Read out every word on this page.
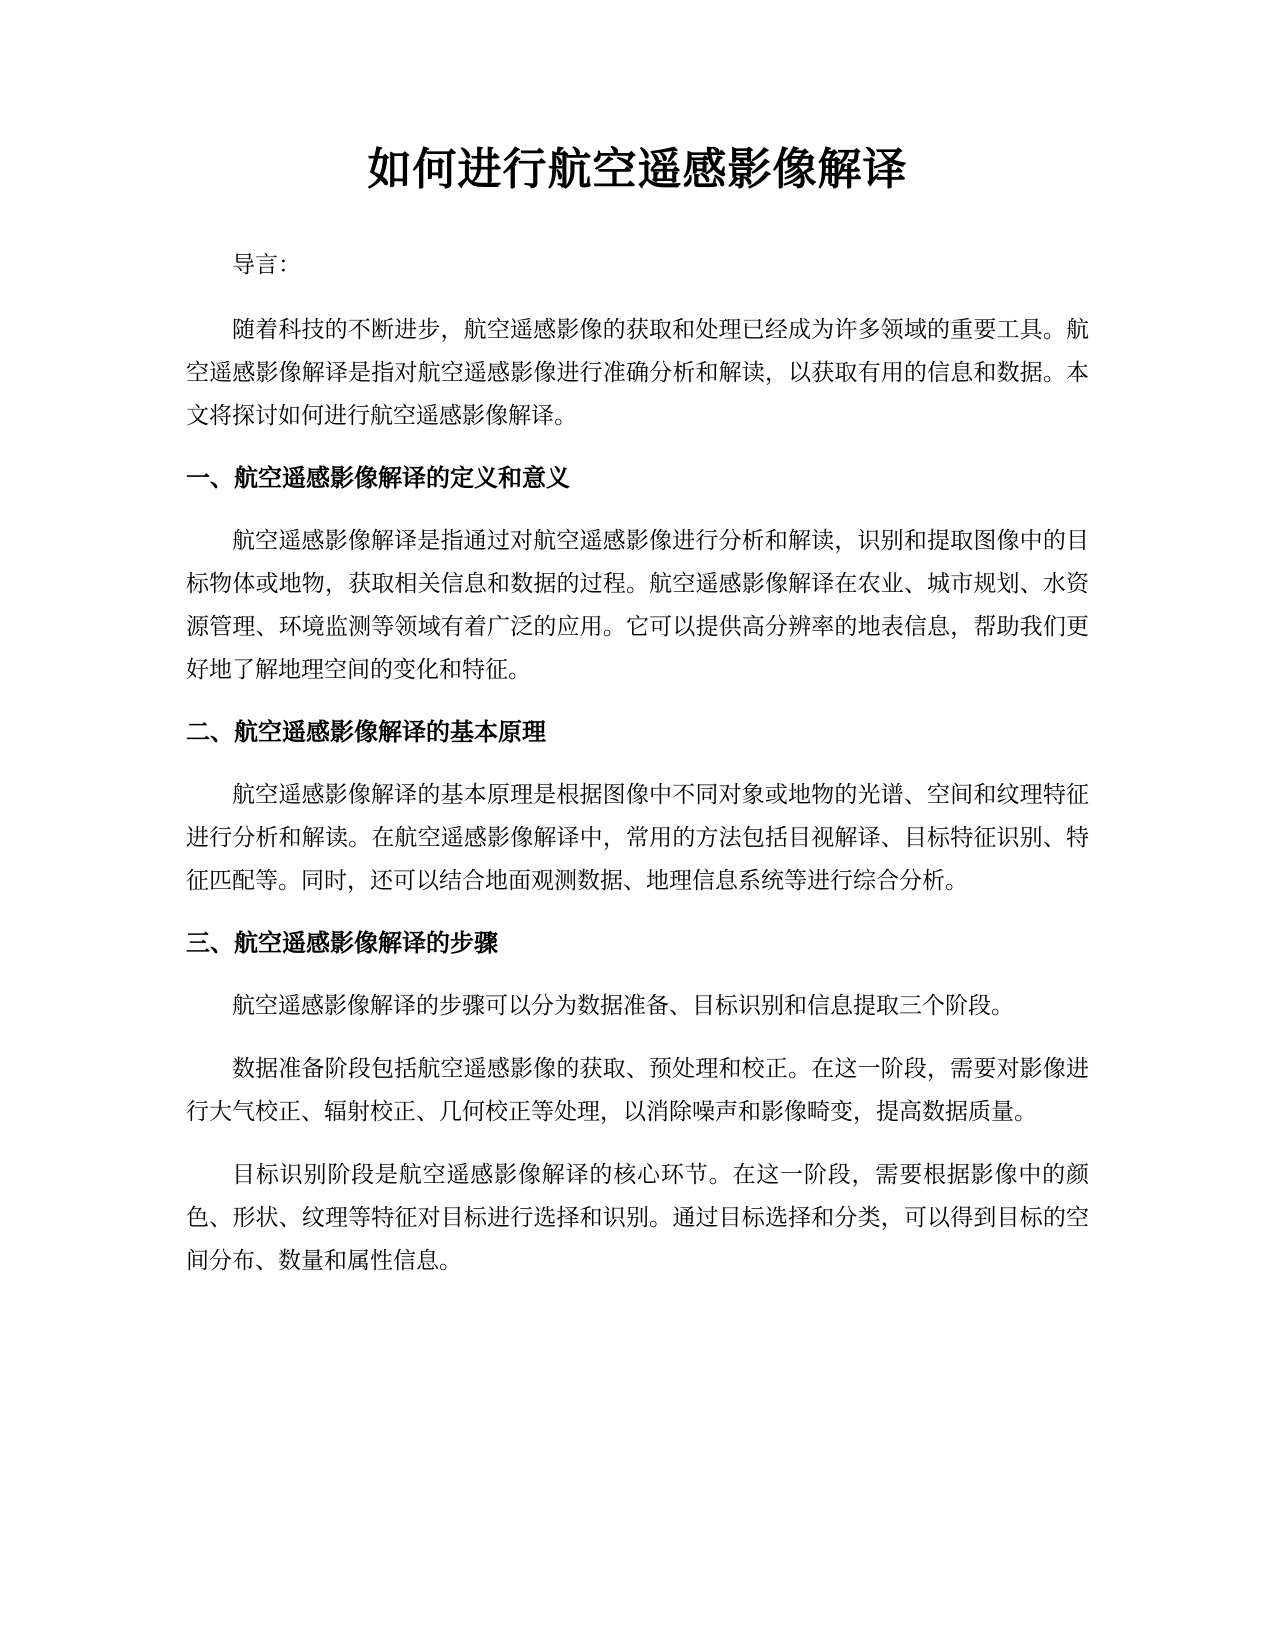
如何进行航空遥感影像解译

导言：

随着科技的不断进步，航空遥感影像的获取和处理已经成为许多领域的重要工具。航空遥感影像解译是指对航空遥感影像进行准确分析和解读，以获取有用的信息和数据。本文将探讨如何进行航空遥感影像解译。

一、航空遥感影像解译的定义和意义

航空遥感影像解译是指通过对航空遥感影像进行分析和解读，识别和提取图像中的目标物体或地物，获取相关信息和数据的过程。航空遥感影像解译在农业、城市规划、水资源管理、环境监测等领域有着广泛的应用。它可以提供高分辨率的地表信息，帮助我们更好地了解地理空间的变化和特征。

二、航空遥感影像解译的基本原理

航空遥感影像解译的基本原理是根据图像中不同对象或地物的光谱、空间和纹理特征进行分析和解读。在航空遥感影像解译中，常用的方法包括目视解译、目标特征识别、特征匹配等。同时，还可以结合地面观测数据、地理信息系统等进行综合分析。

三、航空遥感影像解译的步骤

航空遥感影像解译的步骤可以分为数据准备、目标识别和信息提取三个阶段。

数据准备阶段包括航空遥感影像的获取、预处理和校正。在这一阶段，需要对影像进行大气校正、辐射校正、几何校正等处理，以消除噪声和影像畸变，提高数据质量。

目标识别阶段是航空遥感影像解译的核心环节。在这一阶段，需要根据影像中的颜色、形状、纹理等特征对目标进行选择和识别。通过目标选择和分类，可以得到目标的空间分布、数量和属性信息。
